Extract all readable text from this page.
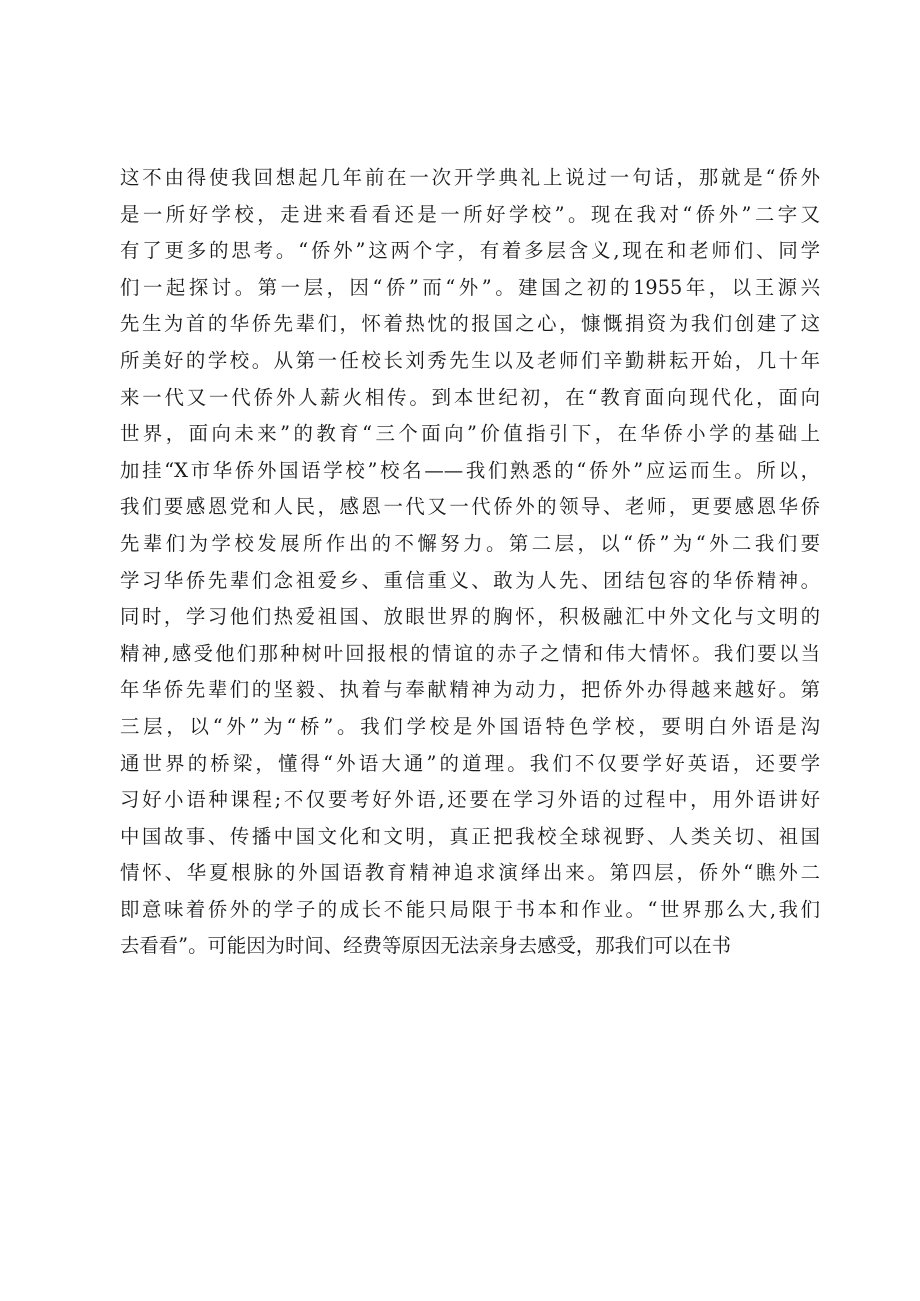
这不由得使我回想起几年前在一次开学典礼上说过一句话，那就是“侨外
是一所好学校，走进来看看还是一所好学校”。现在我对“侨外”二字又
有了更多的思考。“侨外”这两个字，有着多层含义,现在和老师们、同学
们一起探讨。第一层，因“侨”而“外”。建国之初的1955年，以王源兴
先生为首的华侨先辈们，怀着热忱的报国之心，慷慨捐资为我们创建了这
所美好的学校。从第一任校长刘秀先生以及老师们辛勤耕耘开始，几十年
来一代又一代侨外人薪火相传。到本世纪初，在“教育面向现代化，面向
世界，面向未来”的教育“三个面向”价值指引下，在华侨小学的基础上
加挂“X市华侨外国语学校”校名——我们熟悉的“侨外”应运而生。所以，
我们要感恩党和人民，感恩一代又一代侨外的领导、老师，更要感恩华侨
先辈们为学校发展所作出的不懈努力。第二层，以“侨”为“外二我们要
学习华侨先辈们念祖爱乡、重信重义、敢为人先、团结包容的华侨精神。
同时，学习他们热爱祖国、放眼世界的胸怀，积极融汇中外文化与文明的
精神,感受他们那种树叶回报根的情谊的赤子之情和伟大情怀。我们要以当
年华侨先辈们的坚毅、执着与奉献精神为动力，把侨外办得越来越好。第
三层，以“外”为“桥”。我们学校是外国语特色学校，要明白外语是沟
通世界的桥梁，懂得“外语大通”的道理。我们不仅要学好英语，还要学
习好小语种课程;不仅要考好外语,还要在学习外语的过程中，用外语讲好
中国故事、传播中国文化和文明，真正把我校全球视野、人类关切、祖国
情怀、华夏根脉的外国语教育精神追求演绎出来。第四层，侨外“瞧外二
即意味着侨外的学子的成长不能只局限于书本和作业。“世界那么大,我们
去看看”。可能因为时间、经费等原因无法亲身去感受，那我们可以在书
